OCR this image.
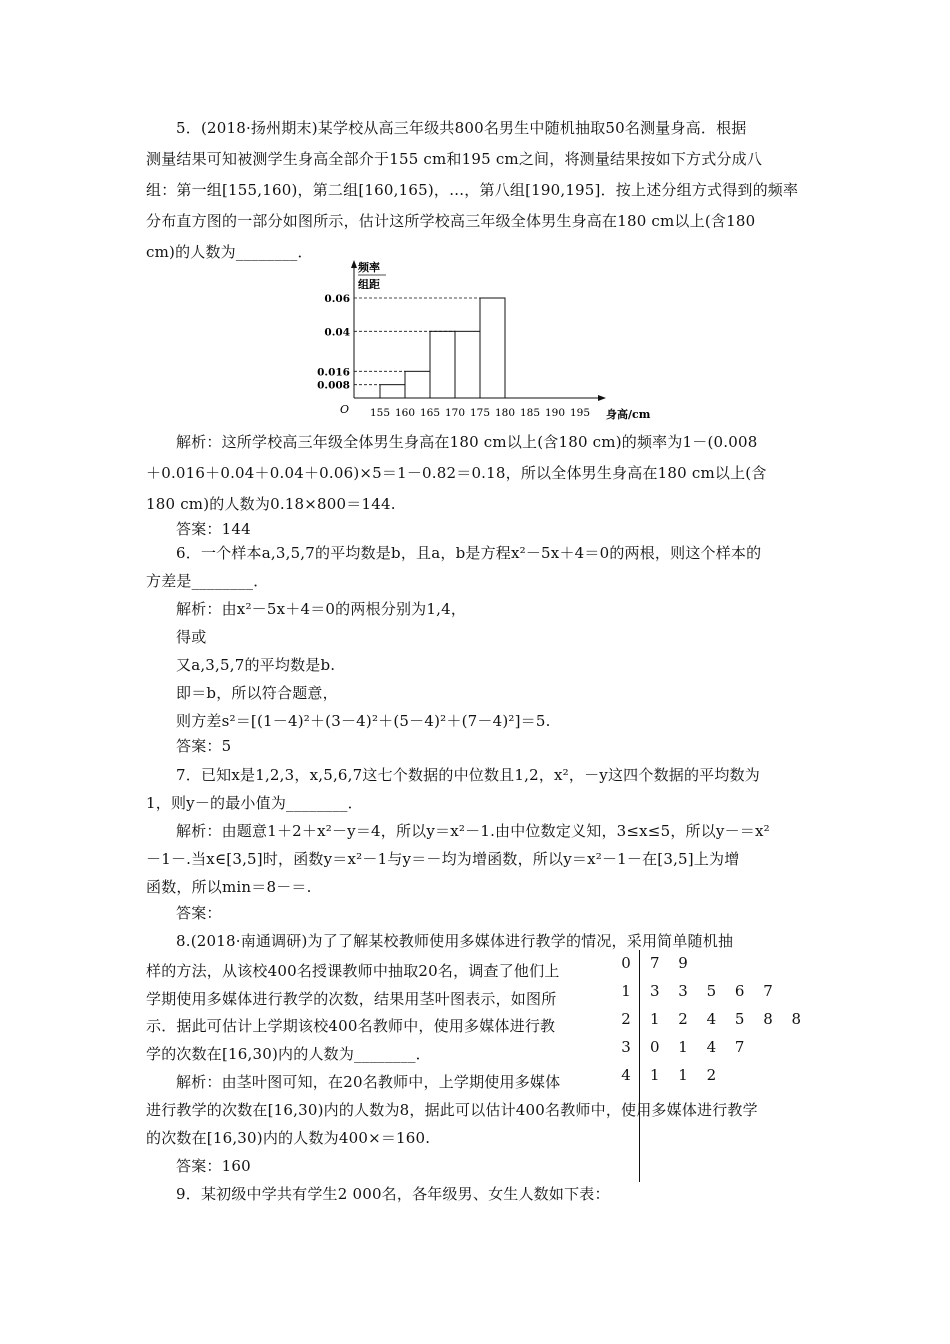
5．(2018·扬州期末)某学校从高三年级共800名男生中随机抽取50名测量身高．根据
测量结果可知被测学生身高全部介于155 cm和195 cm之间，将测量结果按如下方式分成八
组：第一组[155,160)，第二组[160,165)，…，第八组[190,195]．按上述分组方式得到的频率
分布直方图的一部分如图所示，估计这所学校高三年级全体男生身高在180 cm以上(含180
cm)的人数为________．
频率
组距
O	身高/cm
0.06
0.04
0.016
0.008
155 160 165 170 175 180 185 190 195
解析：这所学校高三年级全体男生身高在180 cm以上(含180 cm)的频率为1－(0.008
＋0.016＋0.04＋0.04＋0.06)×5＝1－0.82＝0.18，所以全体男生身高在180 cm以上(含
180 cm)的人数为0.18×800＝144.
答案：144
6．一个样本a,3,5,7的平均数是b，且a，b是方程x²－5x＋4＝0的两根，则这个样本的
方差是________．
解析：由x²－5x＋4＝0的两根分别为1,4，
得或
又a,3,5,7的平均数是b.
即＝b，所以符合题意，
则方差s²＝[(1－4)²＋(3－4)²＋(5－4)²＋(7－4)²]＝5.
答案：5
7．已知x是1,2,3，x,5,6,7这七个数据的中位数且1,2，x²，－y这四个数据的平均数为
1，则y－的最小值为________．
解析：由题意1＋2＋x²－y＝4，所以y＝x²－1.由中位数定义知，3≤x≤5，所以y－＝x²
－1－.当x∈[3,5]时，函数y＝x²－1与y＝－均为增函数，所以y＝x²－1－在[3,5]上为增
函数，所以min＝8－＝.
答案：
8.(2018·南通调研)为了了解某校教师使用多媒体进行教学的情况，采用简单随机抽
样的方法，从该校400名授课教师中抽取20名，调查了他们上
学期使用多媒体进行教学的次数，结果用茎叶图表示，如图所
示．据此可估计上学期该校400名教师中，使用多媒体进行教
学的次数在[16,30)内的人数为________．
0 7 9
1 3 3 5 6 7
2 1 2 4 5 8 8
3 0 1 4 7
4 1 1 2
解析：由茎叶图可知，在20名教师中，上学期使用多媒体
进行教学的次数在[16,30)内的人数为8，据此可以估计400名教师中，使用多媒体进行教学
的次数在[16,30)内的人数为400×＝160.
答案：160
9．某初级中学共有学生2 000名，各年级男、女生人数如下表：
